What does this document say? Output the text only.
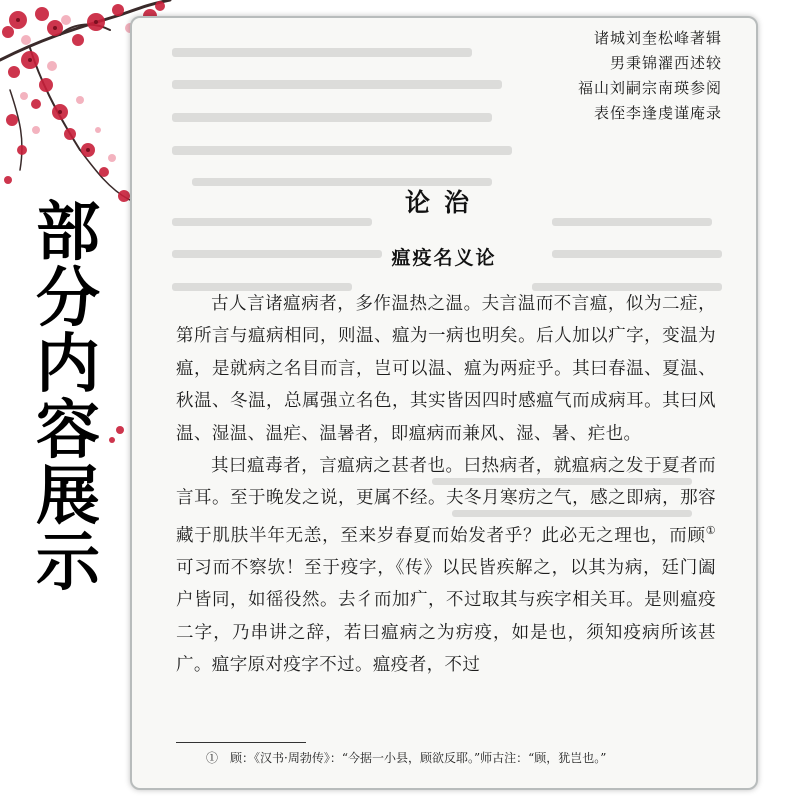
部
分
内
容
展
示
诸城刘奎松峰著辑
男秉锦濯西述较
福山刘嗣宗南瑛参阅
表侄李逢虔谨庵录
论治
瘟疫名义论

古人言诸瘟病者，多作温热之温。夫言温而不言瘟，似为二症，第所言与瘟病相同，则温、瘟为一病也明矣。后人加以疒字，变温为瘟，是就病之名目而言，岂可以温、瘟为两症乎。其曰春温、夏温、秋温、冬温，总属强立名色，其实皆因四时感瘟气而成病耳。其曰风温、湿温、温疟、温暑者，即瘟病而兼风、湿、暑、疟也。

其曰瘟毒者，言瘟病之甚者也。曰热病者，就瘟病之发于夏者而言耳。至于晚发之说，更属不经。夫冬月寒疠之气，感之即病，那容藏于肌肤半年无恙，至来岁春夏而始发者乎？此必无之理也，而顾①可习而不察欤！至于疫字，《传》以民皆疾解之，以其为病，廷门阖户皆同，如徭役然。去彳而加疒，不过取其与疾字相关耳。是则瘟疫二字，乃串讲之辞，若曰瘟病之为疠疫，如是也，须知疫病所该甚广。瘟字原对疫字不过。瘟疫者，不过

①　顾：《汉书·周勃传》：“今据一小县，顾欲反耶。”师古注：“顾，犹岂也。”
